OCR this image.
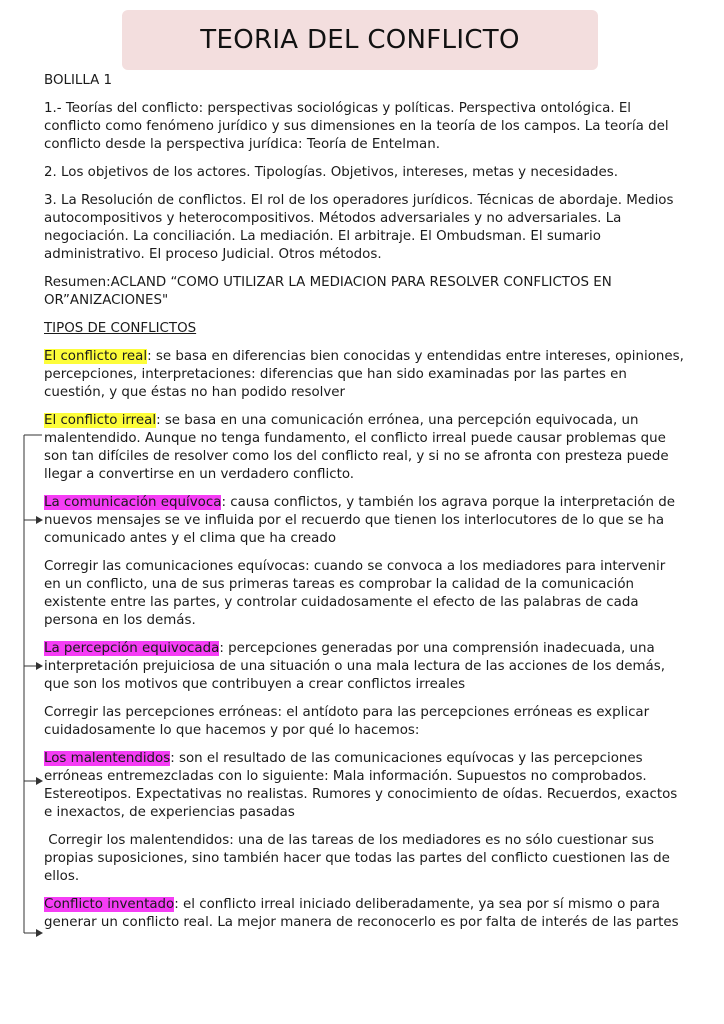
TEORIA DEL CONFLICTO

BOLILLA 1

1.- Teorías del conflicto: perspectivas sociológicas y políticas. Perspectiva ontológica. El conflicto como fenómeno jurídico y sus dimensiones en la teoría de los campos. La teoría del conflicto desde la perspectiva jurídica: Teoría de Entelman.

2. Los objetivos de los actores. Tipologías. Objetivos, intereses, metas y necesidades.

3. La Resolución de conflictos. El rol de los operadores jurídicos. Técnicas de abordaje. Medios autocompositivos y heterocompositivos. Métodos adversariales y no adversariales. La negociación. La conciliación. La mediación. El arbitraje. El Ombudsman. El sumario administrativo. El proceso Judicial. Otros métodos.

Resumen:ACLAND “COMO UTILIZAR LA MEDIACION PARA RESOLVER CONFLICTOS EN OR”ANIZACIONES"

TIPOS DE CONFLICTOS

El conflicto real: se basa en diferencias bien conocidas y entendidas entre intereses, opiniones, percepciones, interpretaciones: diferencias que han sido examinadas por las partes en cuestión, y que éstas no han podido resolver

El conflicto irreal: se basa en una comunicación errónea, una percepción equivocada, un malentendido. Aunque no tenga fundamento, el conflicto irreal puede causar problemas que son tan difíciles de resolver como los del conflicto real, y si no se afronta con presteza puede llegar a convertirse en un verdadero conflicto.

La comunicación equívoca: causa conflictos, y también los agrava porque la interpretación de nuevos mensajes se ve influida por el recuerdo que tienen los interlocutores de lo que se ha comunicado antes y el clima que ha creado

Corregir las comunicaciones equívocas: cuando se convoca a los mediadores para intervenir en un conflicto, una de sus primeras tareas es comprobar la calidad de la comunicación existente entre las partes, y controlar cuidadosamente el efecto de las palabras de cada persona en los demás.

La percepción equivocada: percepciones generadas por una comprensión inadecuada, una interpretación prejuiciosa de una situación o una mala lectura de las acciones de los demás, que son los motivos que contribuyen a crear conflictos irreales

Corregir las percepciones erróneas: el antídoto para las percepciones erróneas es explicar cuidadosamente lo que hacemos y por qué lo hacemos:

Los malentendidos: son el resultado de las comunicaciones equívocas y las percepciones erróneas entremezcladas con lo siguiente: Mala información. Supuestos no comprobados. Estereotipos. Expectativas no realistas. Rumores y conocimiento de oídas. Recuerdos, exactos e inexactos, de experiencias pasadas

Corregir los malentendidos: una de las tareas de los mediadores es no sólo cuestionar sus propias suposiciones, sino también hacer que todas las partes del conflicto cuestionen las de ellos.

Conflicto inventado: el conflicto irreal iniciado deliberadamente, ya sea por sí mismo o para generar un conflicto real. La mejor manera de reconocerlo es por falta de interés de las partes
